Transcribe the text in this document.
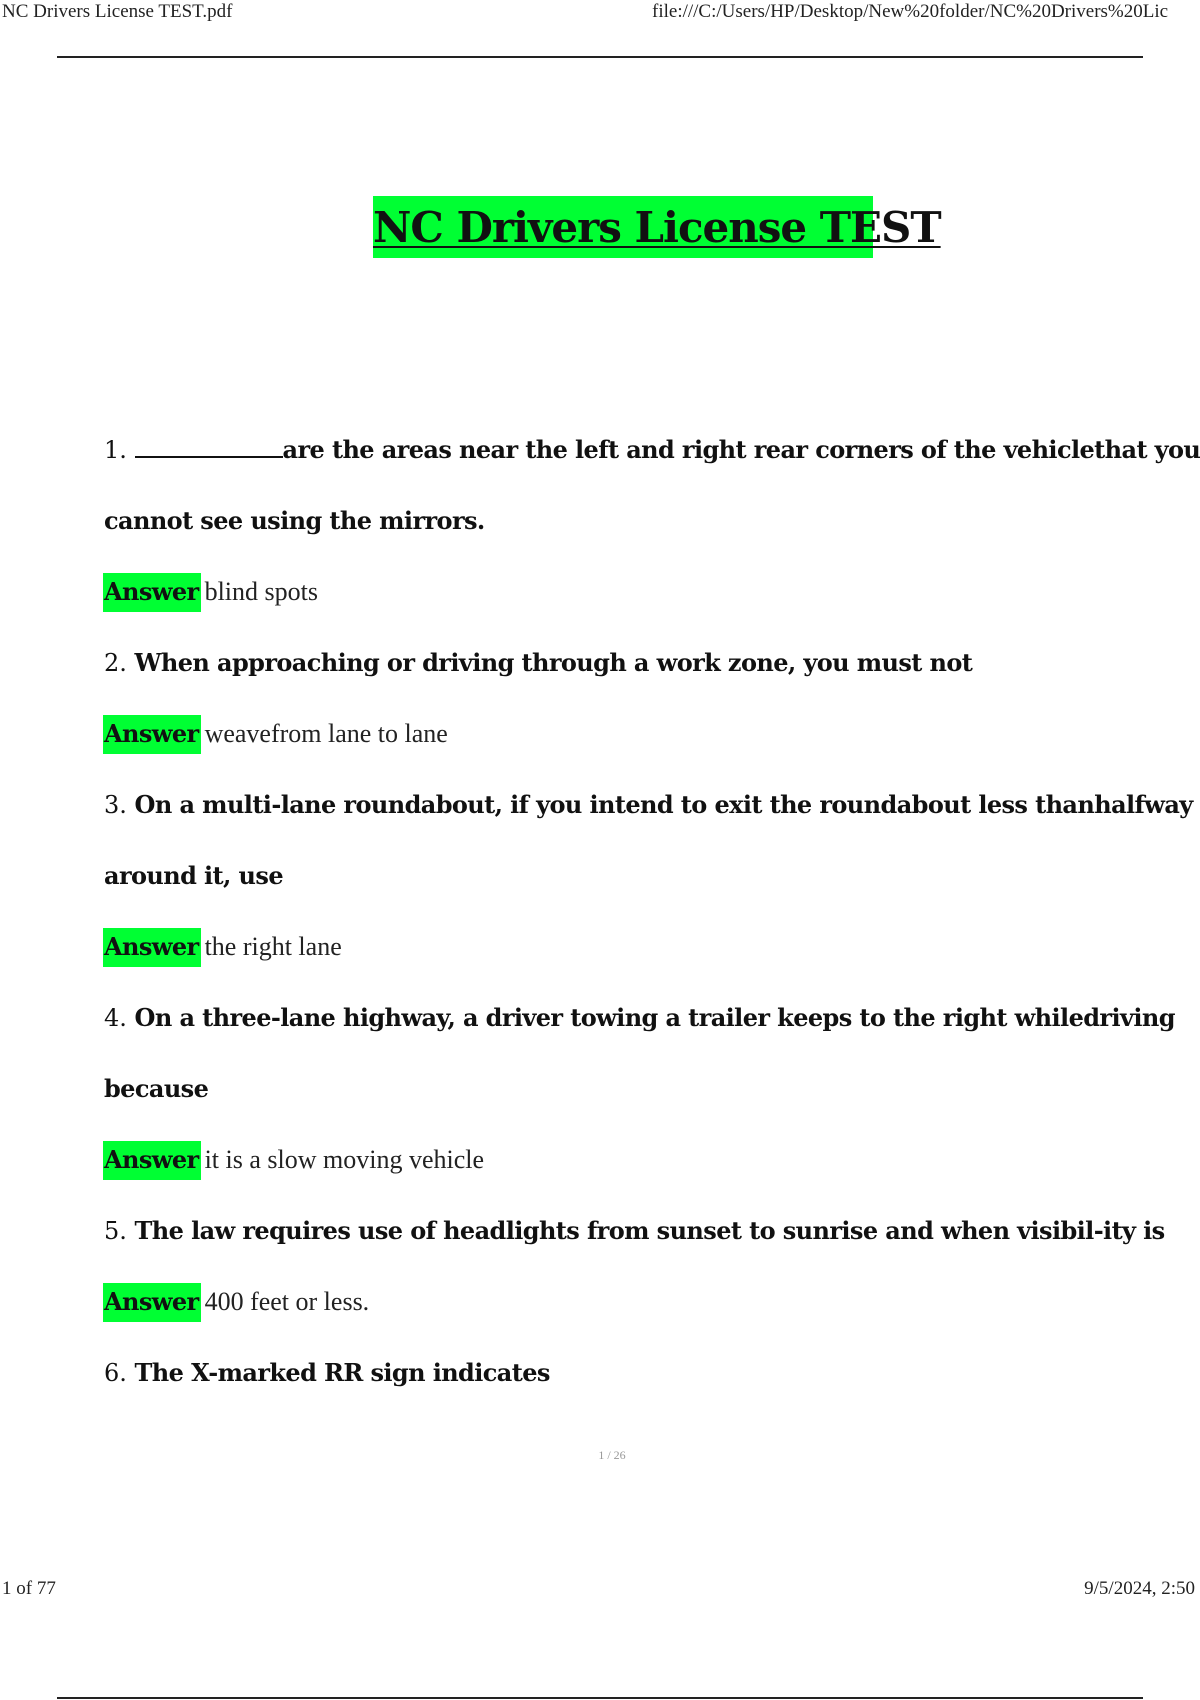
NC Drivers License TEST.pdf	file:///C:/Users/HP/Desktop/New%20folder/NC%20Drivers%20Lic
NC Drivers License TEST
1.	are the areas near the left and right rear corners of the vehiclethat you
cannot see using the mirrors.
Answer blind spots
2. When approaching or driving through a work zone, you must not
Answer weavefrom lane to lane
3. On a multi-lane roundabout, if you intend to exit the roundabout less thanhalfway
around it, use
Answer the right lane
4. On a three-lane highway, a driver towing a trailer keeps to the right whiledriving
because
Answer it is a slow moving vehicle
5. The law requires use of headlights from sunset to sunrise and when visibil-ity is
Answer 400 feet or less.
6. The X-marked RR sign indicates
1 / 26
1 of 77	9/5/2024, 2:50
